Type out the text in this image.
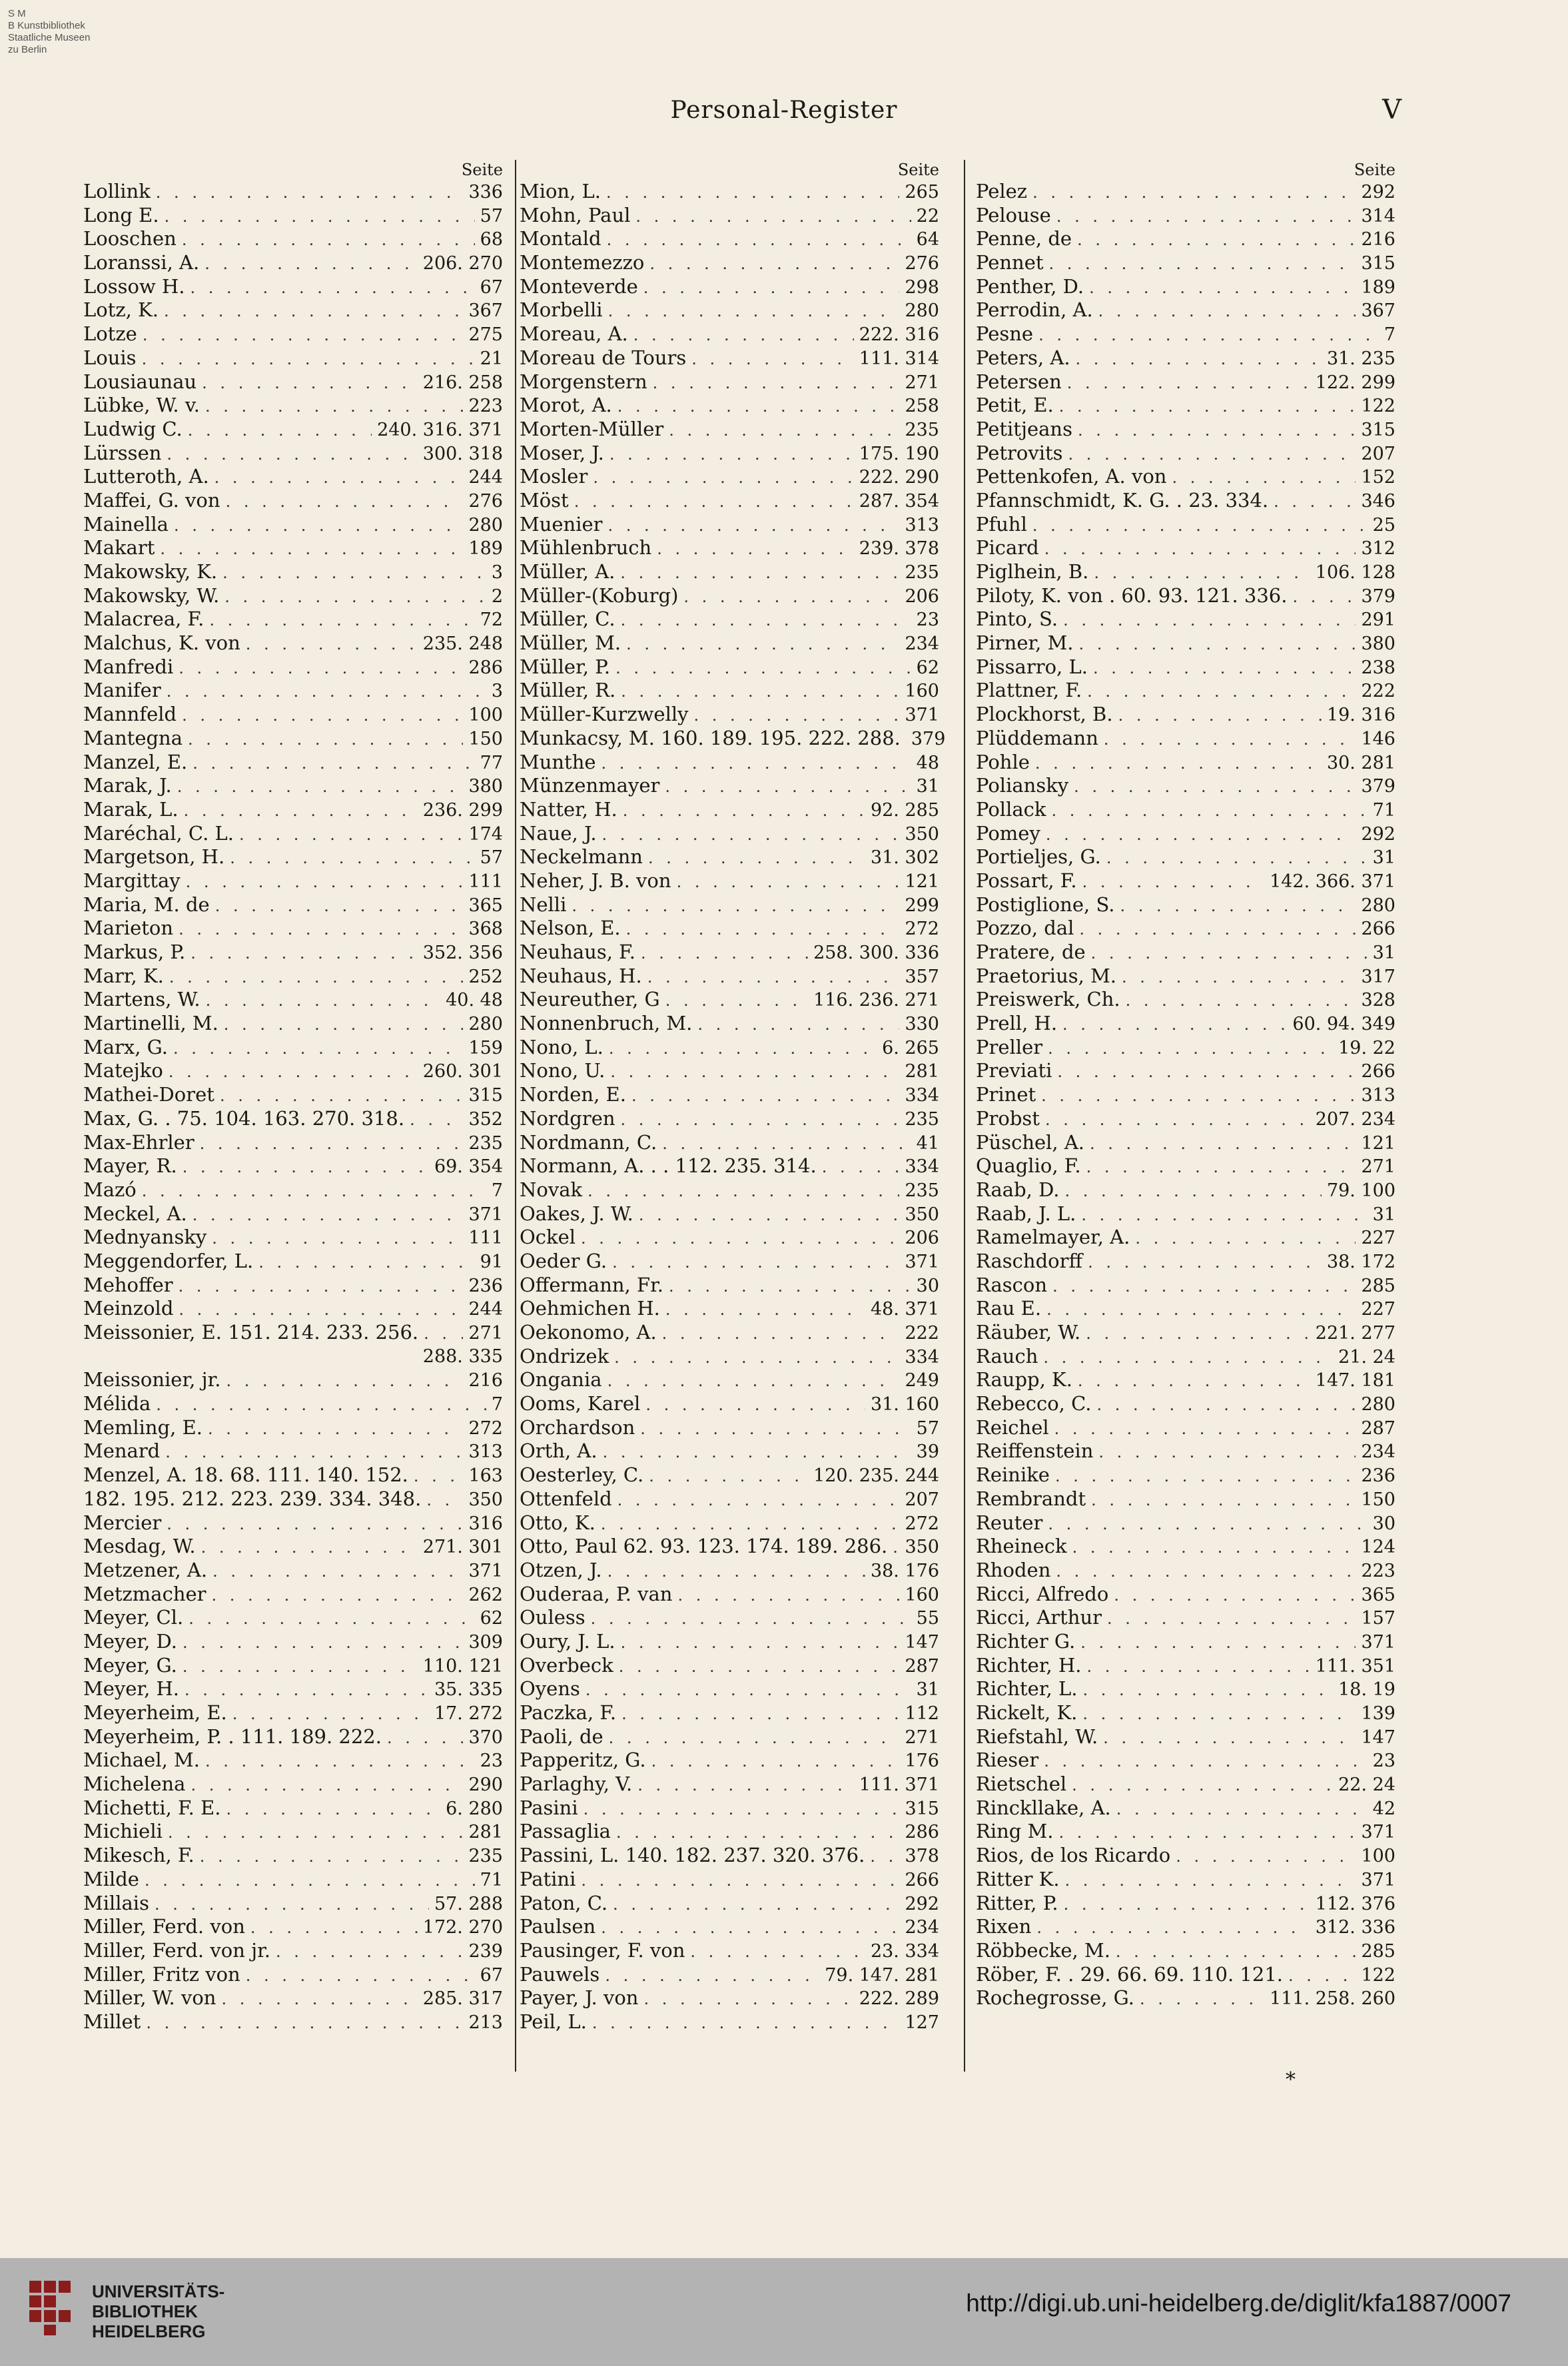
S M
B Kunstbibliothek
Staatliche Museen
zu Berlin
Personal-Register	V
Seite
Lollink . . .	336
Long E. . . .	57
Looschen . . .	68
Loranssi, A. . . .	206. 270
Lossow H. . . .	67
Lotz, K. . . .	367
Lotze . . .	275
Louis . . .	21
Lousiaunau . . .	216. 258
Lübke, W. v. . . .	223
Ludwig C. . . .	240. 316. 371
Lürssen . . .	300. 318
Lutteroth, A. . . .	244
Maffei, G. von . . .	276
Mainella . . .	280
Makart . . .	189
Makowsky, K. . . .	3
Makowsky, W. . . .	2
Malacrea, F. . . .	72
Malchus, K. von . . .	235. 248
Manfredi . . .	286
Manifer . . .	3
Mannfeld . . .	100
Mantegna . . .	150
Manzel, E. . . .	77
Marak, J. . . .	380
Marak, L. . . .	236. 299
Maréchal, C. L. . . .	174
Margetson, H. . . .	57
Margittay . . .	111
Maria, M. de . . .	365
Marieton . . .	368
Markus, P. . . .	352. 356
Marr, K. . . .	252
Martens, W. . . .	40. 48
Martinelli, M. . . .	280
Marx, G. . . .	159
Matejko . . .	260. 301
Mathei-Doret . . .	315
Max, G. . 75. 104. 163. 270. 318. . . .	352
Max-Ehrler . . .	235
Mayer, R. . . .	69. 354
Mazó . . .	7
Meckel, A. . . .	371
Mednyansky . . .	111
Meggendorfer, L. . . .	91
Mehoffer . . .	236
Meinzold . . .	244
Meissonier, E. 151. 214. 233. 256. . . .	271
288. 335
Meissonier, jr. . . .	216
Mélida . . .	7
Memling, E. . . .	272
Menard . . .	313
Menzel, A. 18. 68. 111. 140. 152. . . .	163
182. 195. 212. 223. 239. 334. 348. . . .	350
Mercier . . .	316
Mesdag, W. . . .	271. 301
Metzener, A. . . .	371
Metzmacher . . .	262
Meyer, Cl. . . .	62
Meyer, D. . . .	309
Meyer, G. . . .	110. 121
Meyer, H. . . .	35. 335
Meyerheim, E. . . .	17. 272
Meyerheim, P. . 111. 189. 222. . . .	370
Michael, M. . . .	23
Michelena . . .	290
Michetti, F. E. . . .	6. 280
Michieli . . .	281
Mikesch, F. . . .	235
Milde . . .	71
Millais . . .	57. 288
Miller, Ferd. von . . .	172. 270
Miller, Ferd. von jr. . . .	239
Miller, Fritz von . . .	67
Miller, W. von . . .	285. 317
Millet . . .	213
Seite
Mion, L. . . .	265
Mohn, Paul . . .	22
Montald . . .	64
Montemezzo . . .	276
Monteverde . . .	298
Morbelli . . .	280
Moreau, A. . . .	222. 316
Moreau de Tours . . .	111. 314
Morgenstern . . .	271
Morot, A. . . .	258
Morten-Müller . . .	235
Moser, J. . . .	175. 190
Mosler . . .	222. 290
Möst . . .	287. 354
Muenier . . .	313
Mühlenbruch . . .	239. 378
Müller, A. . . .	235
Müller-(Koburg) . . .	206
Müller, C. . . .	23
Müller, M. . . .	234
Müller, P. . . .	62
Müller, R. . . .	160
Müller-Kurzwelly . . .	371
Munkacsy, M. 160. 189. 195. 222. 288. 379
Munthe . . .	48
Münzenmayer . . .	31
Natter, H. . . .	92. 285
Naue, J. . . .	350
Neckelmann . . .	31. 302
Neher, J. B. von . . .	121
Nelli . . .	299
Nelson, E. . . .	272
Neuhaus, F. . . .	258. 300. 336
Neuhaus, H. . . .	357
Neureuther, G . . .	116. 236. 271
Nonnenbruch, M. . . .	330
Nono, L. . . .	6. 265
Nono, U. . . .	281
Norden, E. . . .	334
Nordgren . . .	235
Nordmann, C. . . .	41
Normann, A. . . 112. 235. 314. . . .	334
Novak . . .	235
Oakes, J. W. . . .	350
Ockel . . .	206
Oeder G. . . .	371
Offermann, Fr. . . .	30
Oehmichen H. . . .	48. 371
Oekonomo, A. . . .	222
Ondrizek . . .	334
Ongania . . .	249
Ooms, Karel . . .	31. 160
Orchardson . . .	57
Orth, A. . . .	39
Oesterley, C. . . .	120. 235. 244
Ottenfeld . . .	207
Otto, K. . . .	272
Otto, Paul 62. 93. 123. 174. 189. 286. . . . 350
Otzen, J. . . .	38. 176
Ouderaa, P. van . . .	160
Ouless . . .	55
Oury, J. L. . . .	147
Overbeck . . .	287
Oyens . . .	31
Paczka, F. . . .	112
Paoli, de . . .	271
Papperitz, G. . . .	176
Parlaghy, V. . . .	111. 371
Pasini . . .	315
Passaglia . . .	286
Passini, L. 140. 182. 237. 320. 376. . . . 378
Patini . . .	266
Paton, C. . . .	292
Paulsen . . .	234
Pausinger, F. von . . .	23. 334
Pauwels . . .	79. 147. 281
Payer, J. von . . .	222. 289
Peil, L. . . .	127
Seite
Pelez . . .	292
Pelouse . . .	314
Penne, de . . .	216
Pennet . . .	315
Penther, D. . . .	189
Perrodin, A. . . .	367
Pesne . . .	7
Peters, A. . . .	31. 235
Petersen . . .	122. 299
Petit, E. . . .	122
Petitjeans . . .	315
Petrovits . . .	207
Pettenkofen, A. von . . .	152
Pfannschmidt, K. G. . 23. 334. . . .	346
Pfuhl . . .	25
Picard . . .	312
Piglhein, B. . . .	106. 128
Piloty, K. von . 60. 93. 121. 336. . . .	379
Pinto, S. . . .	291
Pirner, M. . . .	380
Pissarro, L. . . .	238
Plattner, F. . . .	222
Plockhorst, B. . . .	19. 316
Plüddemann . . .	146
Pohle . . .	30. 281
Poliansky . . .	379
Pollack . . .	71
Pomey . . .	292
Portieljes, G. . . .	31
Possart, F. . . .	142. 366. 371
Postiglione, S. . . .	280
Pozzo, dal . . .	266
Pratere, de . . .	31
Praetorius, M. . . .	317
Preiswerk, Ch. . . .	328
Prell, H. . . .	60. 94. 349
Preller . . .	19. 22
Previati . . .	266
Prinet . . .	313
Probst . . .	207. 234
Püschel, A. . . .	121
Quaglio, F. . . .	271
Raab, D. . . .	79. 100
Raab, J. L. . . .	31
Ramelmayer, A. . . .	227
Raschdorff . . .	38. 172
Rascon . . .	285
Rau E. . . .	227
Räuber, W. . . .	221. 277
Rauch . . .	21. 24
Raupp, K. . . .	147. 181
Rebecco, C. . . .	280
Reichel . . .	287
Reiffenstein . . .	234
Reinike . . .	236
Rembrandt . . .	150
Reuter . . .	30
Rheineck . . .	124
Rhoden . . .	223
Ricci, Alfredo . . .	365
Ricci, Arthur . . .	157
Richter G. . . .	371
Richter, H. . . .	111. 351
Richter, L. . . .	18. 19
Rickelt, K. . . .	139
Riefstahl, W. . . .	147
Rieser . . .	23
Rietschel . . .	22. 24
Rinckllake, A. . . .	42
Ring M. . . .	371
Rios, de los Ricardo . . .	100
Ritter K. . . .	371
Ritter, P. . . .	112. 376
Rixen . . .	312. 336
Röbbecke, M. . . .	285
Röber, F. . 29. 66. 69. 110. 121. . . .	122
Rochegrosse, G. . . .	111. 258. 260
*
UNIVERSITÄTS-
BIBLIOTHEK
HEIDELBERG
http://digi.ub.uni-heidelberg.de/diglit/kfa1887/0007
